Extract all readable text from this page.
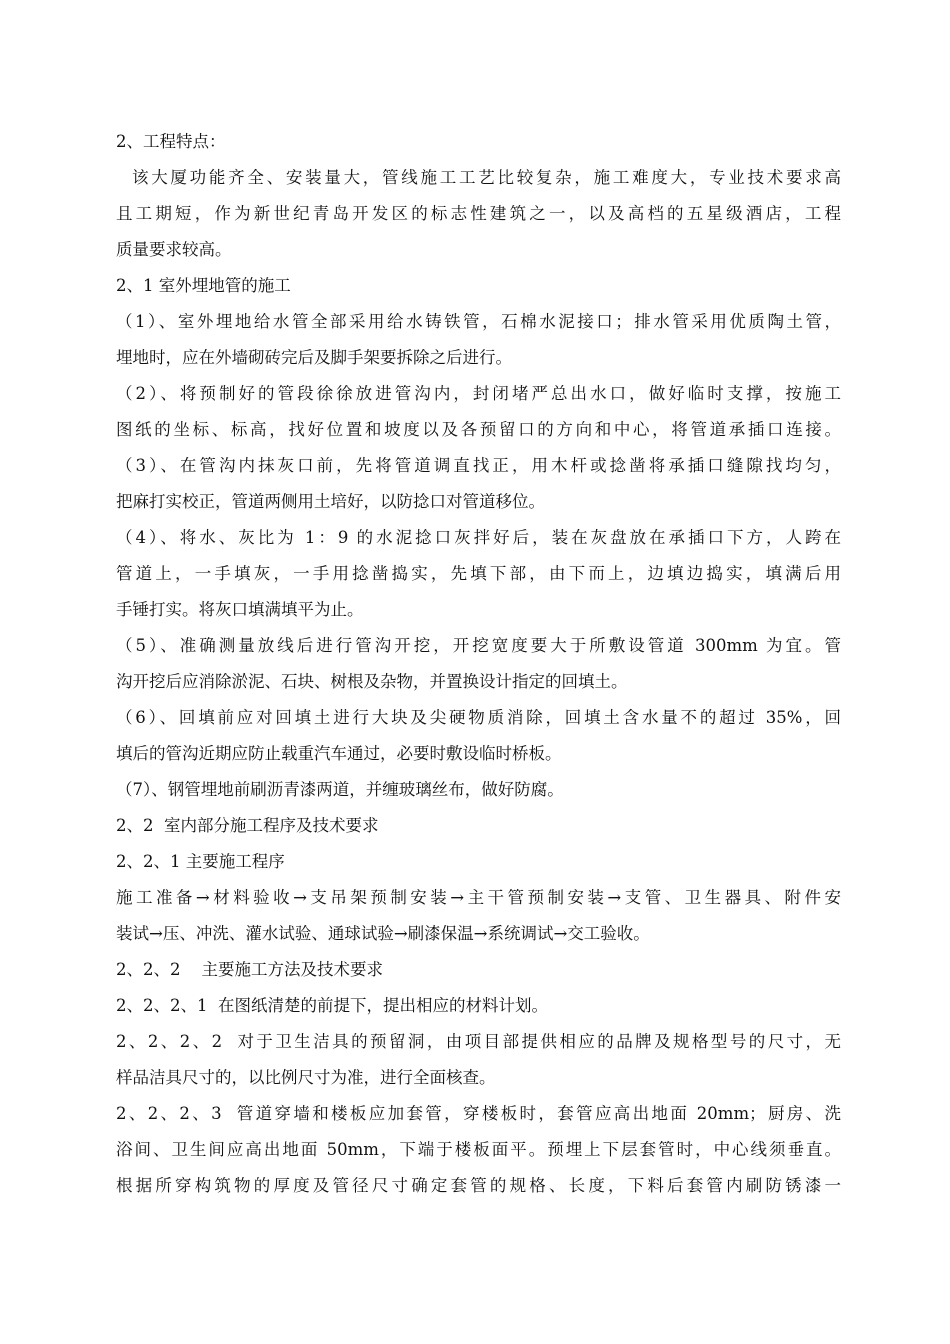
2、工程特点：
该大厦功能齐全、安装量大，管线施工工艺比较复杂，施工难度大，专业技术要求高
且工期短，作为新世纪青岛开发区的标志性建筑之一，以及高档的五星级酒店，工程
质量要求较高。
2、1 室外埋地管的施工
（1）、室外埋地给水管全部采用给水铸铁管，石棉水泥接口；排水管采用优质陶土管，
埋地时，应在外墙砌砖完后及脚手架要拆除之后进行。
（2）、将预制好的管段徐徐放进管沟内，封闭堵严总出水口，做好临时支撑，按施工
图纸的坐标、标高，找好位置和坡度以及各预留口的方向和中心，将管道承插口连接。
（3）、在管沟内抹灰口前，先将管道调直找正，用木杆或捻凿将承插口缝隙找均匀，
把麻打实校正，管道两侧用土培好，以防捻口对管道移位。
（4）、将水、灰比为 1：9 的水泥捻口灰拌好后，装在灰盘放在承插口下方，人跨在
管道上，一手填灰，一手用捻凿捣实，先填下部，由下而上，边填边捣实，填满后用
手锤打实。将灰口填满填平为止。
（5）、准确测量放线后进行管沟开挖，开挖宽度要大于所敷设管道 300mm 为宜。管
沟开挖后应消除淤泥、石块、树根及杂物，并置换设计指定的回填土。
（6）、回填前应对回填土进行大块及尖硬物质消除，回填土含水量不的超过 35%，回
填后的管沟近期应防止载重汽车通过，必要时敷设临时桥板。
（7）、钢管埋地前刷沥青漆两道，并缠玻璃丝布，做好防腐。
2、2  室内部分施工程序及技术要求
2、2、1 主要施工程序
施工准备→材料验收→支吊架预制安装→主干管预制安装→支管、卫生器具、附件安
装试→压、冲洗、灌水试验、通球试验→刷漆保温→系统调试→交工验收。
2、2、2    主要施工方法及技术要求
2、2、2、1  在图纸清楚的前提下，提出相应的材料计划。
2、2、2、2  对于卫生洁具的预留洞，由项目部提供相应的品牌及规格型号的尺寸，无
样品洁具尺寸的，以比例尺寸为准，进行全面核查。
2、2、2、3  管道穿墙和楼板应加套管，穿楼板时，套管应高出地面 20mm；厨房、洗
浴间、卫生间应高出地面 50mm，下端于楼板面平。预埋上下层套管时，中心线须垂直。
根据所穿构筑物的厚度及管径尺寸确定套管的规格、长度，下料后套管内刷防锈漆一
